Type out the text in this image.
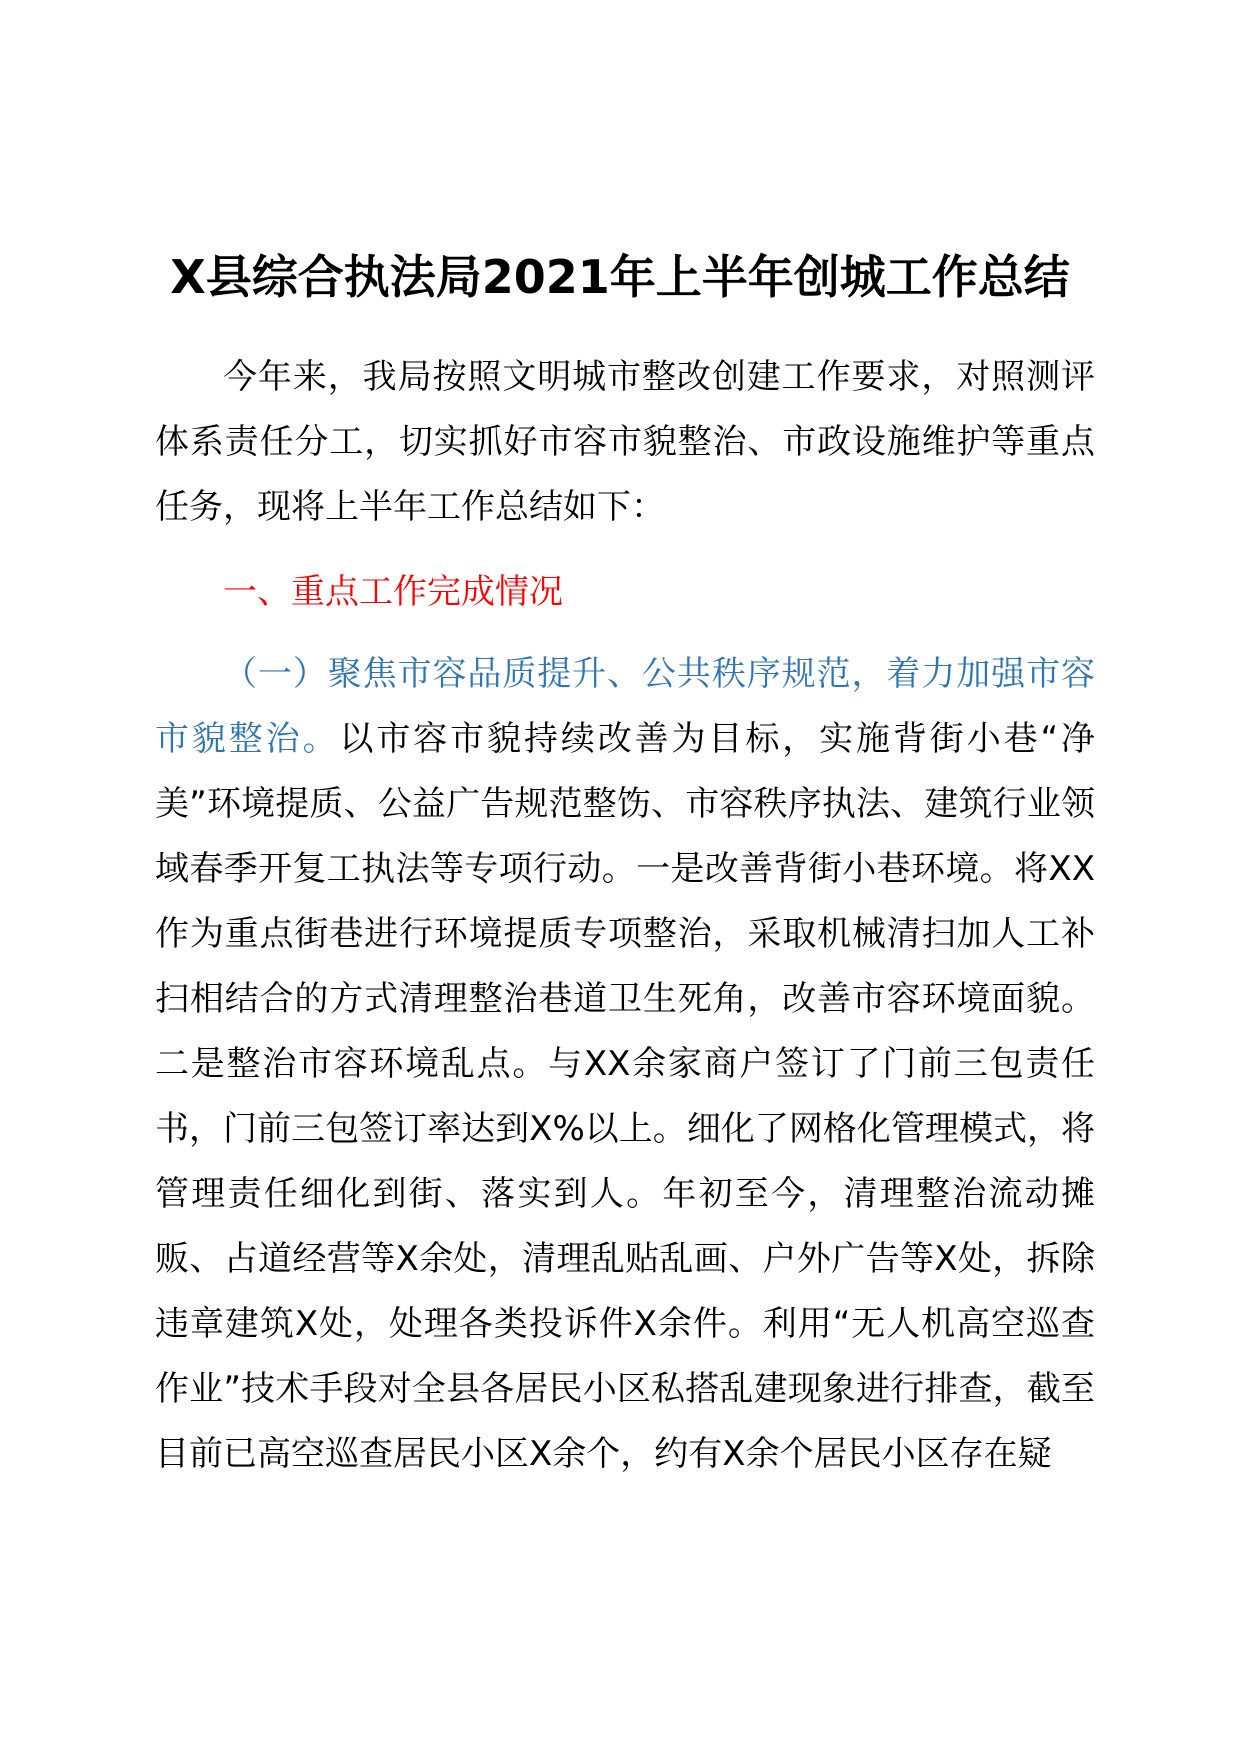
X县综合执法局2021年上半年创城工作总结

今年来，我局按照文明城市整改创建工作要求，对照测评体系责任分工，切实抓好市容市貌整治、市政设施维护等重点任务，现将上半年工作总结如下：

一、重点工作完成情况

（一）聚焦市容品质提升、公共秩序规范，着力加强市容市貌整治。以市容市貌持续改善为目标，实施背街小巷“净美”环境提质、公益广告规范整饬、市容秩序执法、建筑行业领域春季开复工执法等专项行动。一是改善背街小巷环境。将XX作为重点街巷进行环境提质专项整治，采取机械清扫加人工补扫相结合的方式清理整治巷道卫生死角，改善市容环境面貌。二是整治市容环境乱点。与XX余家商户签订了门前三包责任书，门前三包签订率达到X%以上。细化了网格化管理模式，将管理责任细化到街、落实到人。年初至今，清理整治流动摊贩、占道经营等X余处，清理乱贴乱画、户外广告等X处，拆除违章建筑X处，处理各类投诉件X余件。利用“无人机高空巡查作业”技术手段对全县各居民小区私搭乱建现象进行排查，截至目前已高空巡查居民小区X余个，约有X余个居民小区存在疑
